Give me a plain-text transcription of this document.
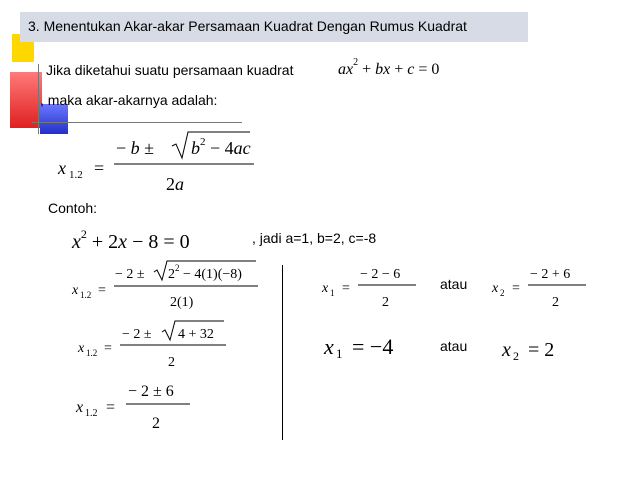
3. Menentukan Akar-akar Persamaan Kuadrat Dengan Rumus Kuadrat
Jika diketahui suatu persamaan kuadrat	$ax^2$ + bx + c = 0
, maka akar-akarnya adalah:
x 1.2 =
− $b \pm b^2 - 4ac$
2a
Contoh:
$x^2 + 2x - 8 = 0$	, jadi a=1, b=2, c=-8
x 1.2 =
− $2 \pm 2^2 - 4(1)(-8)$
2(1)
x 1.2 =
− 2 ± 4 + 32
2
x 1.2 =
− 2 ± 6
2
x 1 =
− 2 − 6
2
atau x 2 =
− 2 + 6
2
x 1 = −4	atau x 2 = 2
